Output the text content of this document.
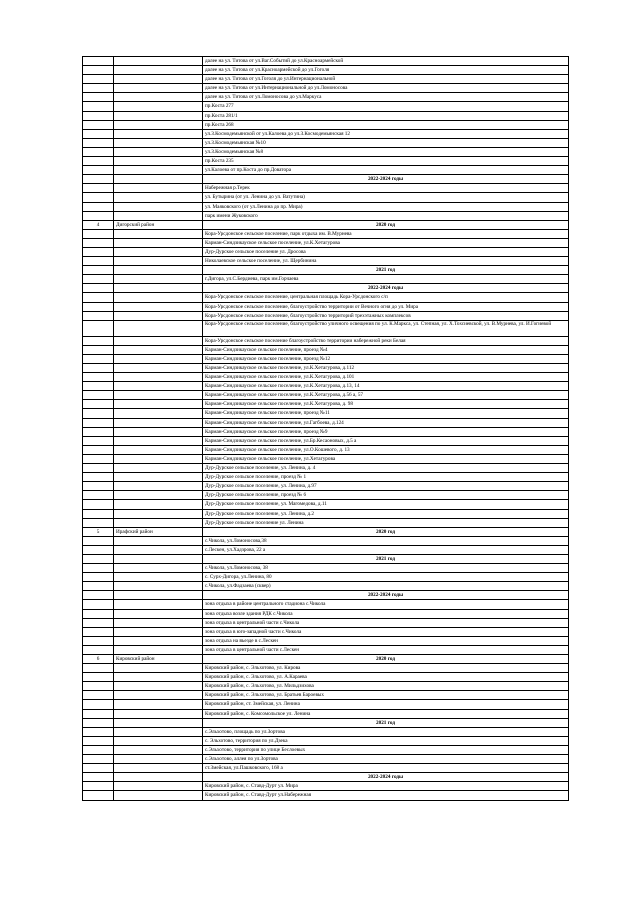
		далее на ул. Титова от ул.Ваг.Событий до ул.Красноармейской
		далее на ул. Титова от ул.Красноармейской до ул.Гоголя
		далее на ул. Титова от ул.Гоголя до ул.Интернациональной
		далее на ул. Титова от ул.Интернациональной до ул.Ломоносова
		далее на ул. Титова от ул.Ломоносова до ул.Маркуса
		пр.Коста 277
		пр.Коста 281/1
		пр.Коста 268
		ул.З.Космодемьянской от ул.Калоева до ул.З.Космодемьянская 12
		ул.З.Космодемьянская №10
		ул.З.Космодемьянская №8
		пр.Коста 235
		ул.Калоева от пр.Коста до пр.Доватора
		2022-2024 годы
		Набережная р.Терек
		ул. Бутырина (от ул. Ленина до ул. Ватутина)
		ул. Маяковского (от ул.Ленина до пр. Мира)
		парк имени Жуковского
4	Дигорский район	2020 год
		Кора-Урсдонское сельское поселение, парк отдыха им. В.Мурнева
		Карман-Синдзикауское сельское поселение, ул.К.Хетагурова
		Дур-Дурское сельское поселение ул. Дросова
		Николаевское сельское поселение, ул. Щербинина
		2021 год
		г.Дигора, ул.С.Бердиева, парк им.Горчаева
		2022-2024 годы
		Кора-Урсдонское сельское поселение, центральная площадь Кора-Урсдонского с/п
		Кора-Урсдонское сельское поселение, благоустройство территории от Вечного огня до ул. Мира
		Кора-Урсдонское сельское поселение, благоустройство территорий трехэтажных комплексов
		Кора-Урсдонское сельское поселение, благоустройство уличного освещения по ул. К.Маркса, ул. Степная, ул. Х.Тохсиевской, ул. В.Мурнева, ул. И.Гогиевой
		Кора-Урсдонское сельское поселение благоустройство территории набережной реки Белая
		Карман-Синдзикауское сельское поселение, проезд №4
		Карман-Синдзикауское сельское поселение, проезд №12
		Карман-Синдзикауское сельское поселение, ул.К.Хетагурова, д.112
		Карман-Синдзикауское сельское поселение, ул.К.Хетагурова, д.101
		Карман-Синдзикауское сельское поселение, ул.К.Хетагурова, д.13, 14
		Карман-Синдзикауское сельское поселение, ул.К.Хетагурова, д.56 а, 57
		Карман-Синдзикауское сельское поселение, ул.К.Хетагурова, д. 98
		Карман-Синдзикауское сельское поселение, проезд №11
		Карман-Синдзикауское сельское поселение, ул.Гагбоева, д.124
		Карман-Синдзикауское сельское поселение, проезд №9
		Карман-Синдзикауское сельское поселение, ул.Бр.Кесаоновых, д.5 а
		Карман-Синдзикауское сельское поселение, ул.О.Кошевого, д. 13
		Карман-Синдзикауское сельское поселение, ул.Хетагурова
		Дур-Дурское сельское поселение, ул. Ленина, д. 4
		Дур-Дурское сельское поселение, проезд № 1
		Дур-Дурское сельское поселение, ул. Ленина, д.97
		Дур-Дурское сельское поселение, проезд № 6
		Дур-Дурское сельское поселение, ул. Магомедова, д.11
		Дур-Дурское сельское поселение, ул. Ленина, д.2
		Дур-Дурское сельское поселение ул. Ленина
5	Ирафский район	2020 год
		с.Чикола, ул.Ломоносова,38
		с.Лескен, ул.Хадзрова, 22 а
		2021 год
		с.Чикола, ул.Ломоносова, 38
		с. Сурх-Дигора, ул.Ленина, 80
		с.Чикола, ул.Фадзаева (сквер)
		2022-2024 годы
		зона отдыха в районе центрального стадиона с.Чикола
		зона отдыха возле здания РДК с.Чикола
		зона отдыха в центральной части с.Чикола
		зона отдыха в юго-западной части с.Чикола
		зона отдыха на въезде в с.Лескен
		зона отдыха в центральной части с.Лескен
6	Кировский район	2020 год
		Кировский район, с. Эльхотово, ул. Кирова
		Кировский район, с. Эльхотово, ул. А.Караева
		Кировский район, с. Эльхотово, ул. Мильдзихова
		Кировский район, с. Эльхотово, ул. Братьев Бароевых
		Кировский район, ст. Змейская, ул. Ленина
		Кировский район, с. Комсомольское ул. Ленина
		2021 год
		с.Эльхотово, площадь по ул.Зортова
		с. Эльхотово, территория по ул.Дзека
		с.Эльхотово, территория по улице Беслоевых
		с.Эльхотово, аллея по ул.Зортова
		ст.Змейская, ул.Пашковского, 168 а
		2022-2024 годы
		Кировский район, с. Ставд-Дурт ул. Мира
		Кировский район, с. Ставд-Дурт ул.Набережная
